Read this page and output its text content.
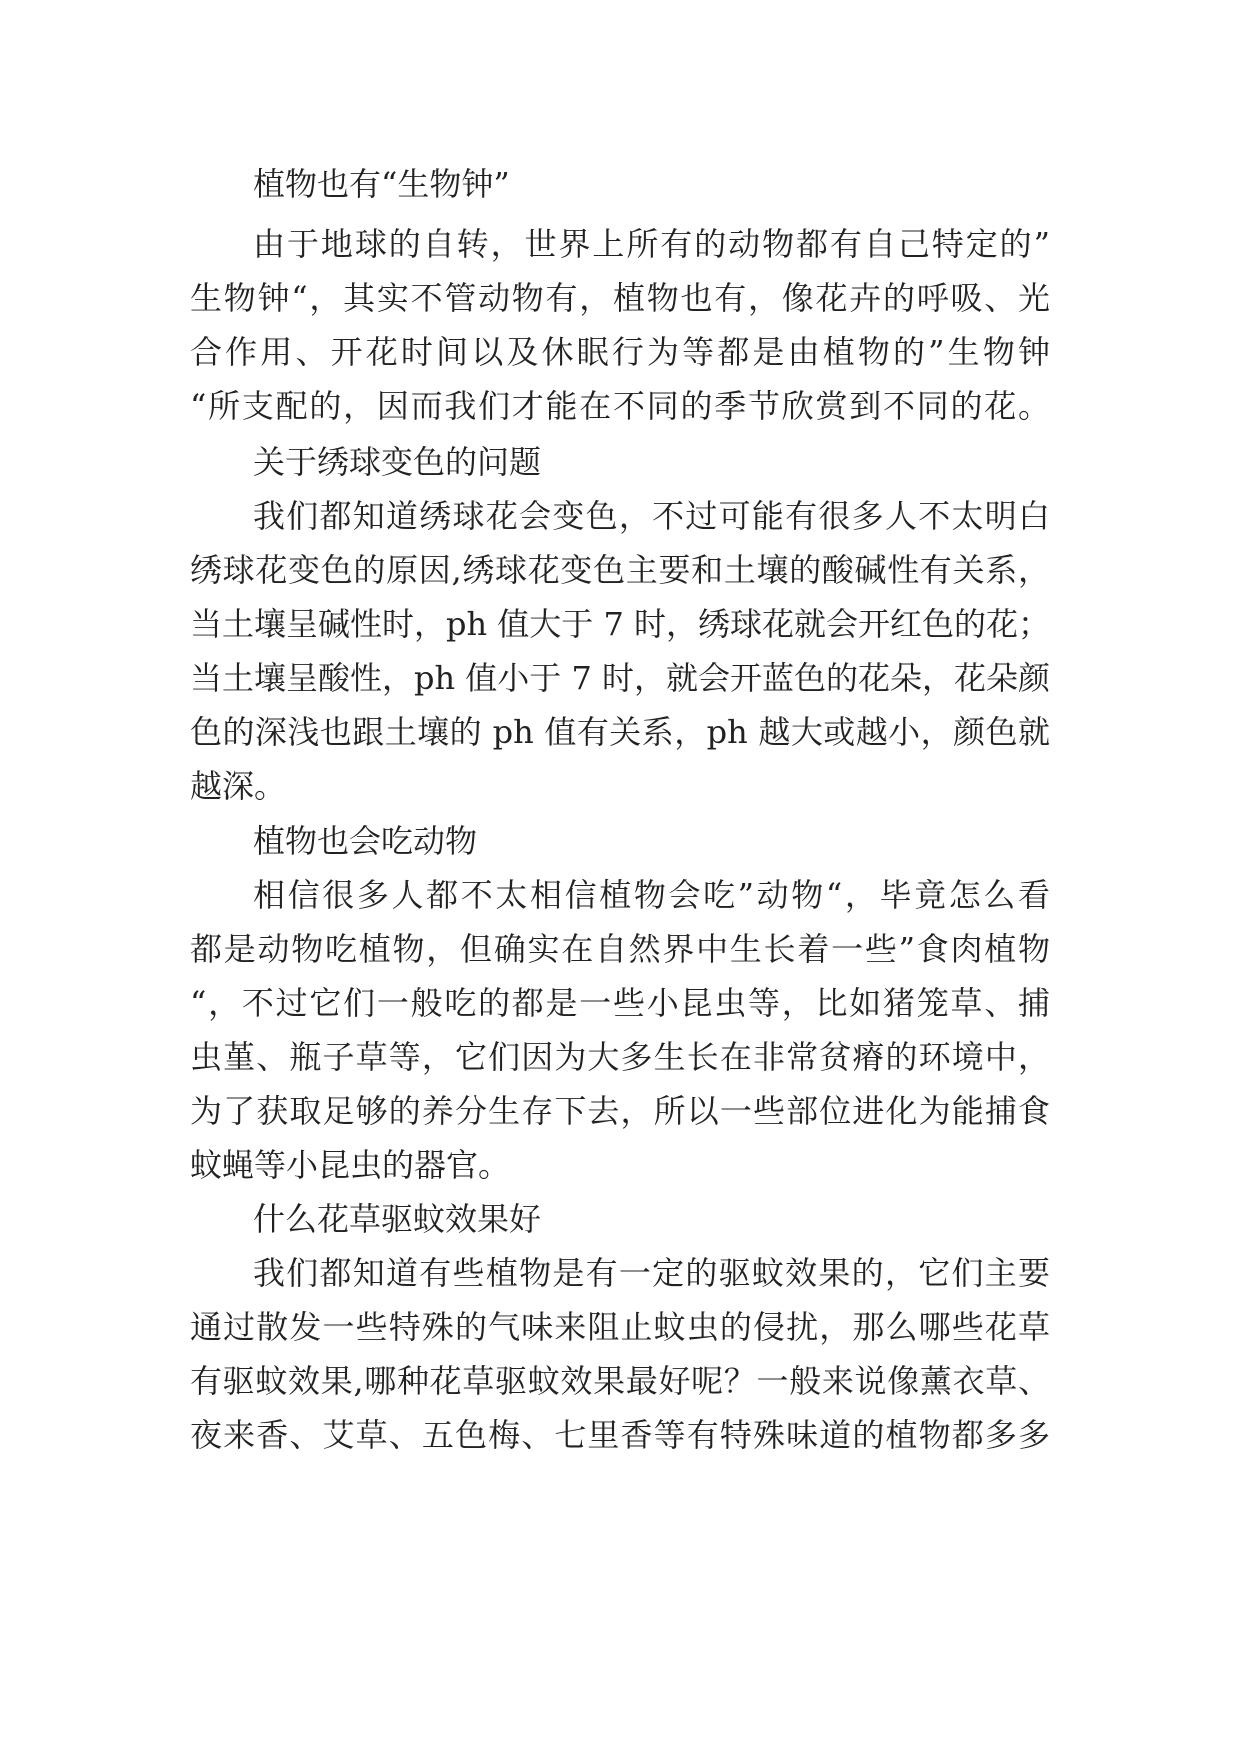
植物也有“生物钟”
由于地球的自转，世界上所有的动物都有自己特定的”
生物钟“，其实不管动物有，植物也有，像花卉的呼吸、光
合作用、开花时间以及休眠行为等都是由植物的”生物钟
“所支配的，因而我们才能在不同的季节欣赏到不同的花。
关于绣球变色的问题
我们都知道绣球花会变色，不过可能有很多人不太明白
绣球花变色的原因,绣球花变色主要和土壤的酸碱性有关系，
当土壤呈碱性时，ph 值大于 7 时，绣球花就会开红色的花；
当土壤呈酸性，ph 值小于 7 时，就会开蓝色的花朵，花朵颜
色的深浅也跟土壤的 ph 值有关系，ph 越大或越小，颜色就
越深。
植物也会吃动物
相信很多人都不太相信植物会吃”动物“，毕竟怎么看
都是动物吃植物，但确实在自然界中生长着一些”食肉植物
“，不过它们一般吃的都是一些小昆虫等，比如猪笼草、捕
虫堇、瓶子草等，它们因为大多生长在非常贫瘠的环境中，
为了获取足够的养分生存下去，所以一些部位进化为能捕食
蚊蝇等小昆虫的器官。
什么花草驱蚊效果好
我们都知道有些植物是有一定的驱蚊效果的，它们主要
通过散发一些特殊的气味来阻止蚊虫的侵扰，那么哪些花草
有驱蚊效果,哪种花草驱蚊效果最好呢？一般来说像薰衣草、
夜来香、艾草、五色梅、七里香等有特殊味道的植物都多多
